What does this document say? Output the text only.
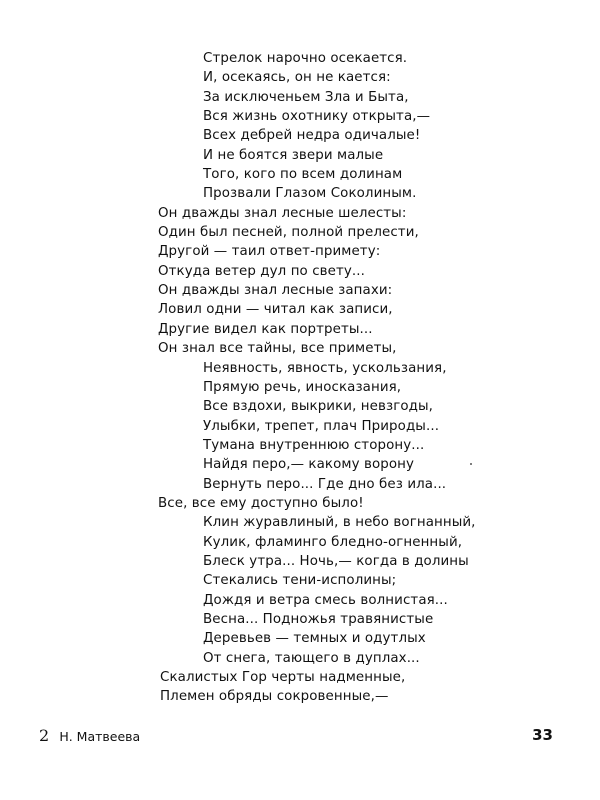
Стрелок нарочно осекается.
И, осекаясь, он не кается:
За исключеньем Зла и Быта,
Вся жизнь охотнику открыта,—
Всех дебрей недра одичалые!
И не боятся звери малые
Того, кого по всем долинам
Прозвали Глазом Соколиным.
Он дважды знал лесные шелесты:
Один был песней, полной прелести,
Другой — таил ответ-примету:
Откуда ветер дул по свету...
Он дважды знал лесные запахи:
Ловил одни — читал как записи,
Другие видел как портреты...
Он знал все тайны, все приметы,
Неявность, явность, ускользания,
Прямую речь, иносказания,
Все вздохи, выкрики, невзгоды,
Улыбки, трепет, плач Природы...
Тумана внутреннюю сторону...
Найдя перо,— какому ворону
Вернуть перо... Где дно без ила...
Все, все ему доступно было!
Клин журавлиный, в небо вогнанный,
Кулик, фламинго бледно-огненный,
Блеск утра... Ночь,— когда в долины
Стекались тени-исполины;
Дождя и ветра смесь волнистая...
Весна... Подножья травянистые
Деревьев — темных и одутлых
От снега, тающего в дуплах...
Скалистых Гор черты надменные,
Племен обряды сокровенные,—
2 Н. Матвеева	33
